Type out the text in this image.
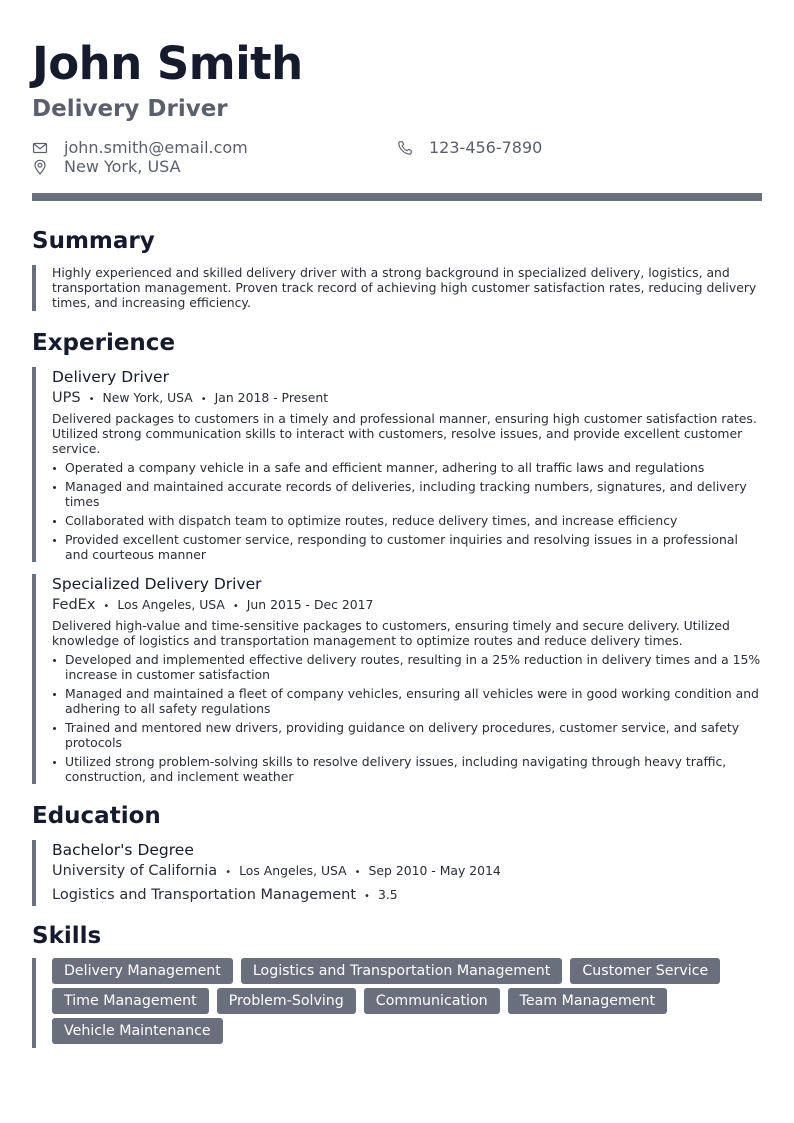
John Smith
Delivery Driver
john.smith@email.com	123-456-7890
New York, USA
Summary

Highly experienced and skilled delivery driver with a strong background in specialized delivery, logistics, and transportation management. Proven track record of achieving high customer satisfaction rates, reducing delivery times, and increasing efficiency.

Experience
Delivery Driver
UPS • New York, USA • Jan 2018 - Present

Delivered packages to customers in a timely and professional manner, ensuring high customer satisfaction rates. Utilized strong communication skills to interact with customers, resolve issues, and provide excellent customer service.

Operated a company vehicle in a safe and efficient manner, adhering to all traffic laws and regulations
Managed and maintained accurate records of deliveries, including tracking numbers, signatures, and delivery times
Collaborated with dispatch team to optimize routes, reduce delivery times, and increase efficiency
Provided excellent customer service, responding to customer inquiries and resolving issues in a professional and courteous manner
Specialized Delivery Driver
FedEx • Los Angeles, USA • Jun 2015 - Dec 2017

Delivered high-value and time-sensitive packages to customers, ensuring timely and secure delivery. Utilized knowledge of logistics and transportation management to optimize routes and reduce delivery times.

Developed and implemented effective delivery routes, resulting in a 25% reduction in delivery times and a 15% increase in customer satisfaction
Managed and maintained a fleet of company vehicles, ensuring all vehicles were in good working condition and adhering to all safety regulations
Trained and mentored new drivers, providing guidance on delivery procedures, customer service, and safety protocols
Utilized strong problem-solving skills to resolve delivery issues, including navigating through heavy traffic, construction, and inclement weather
Education
Bachelor's Degree
University of California • Los Angeles, USA • Sep 2010 - May 2014
Logistics and Transportation Management • 3.5
Skills
Delivery Management	Logistics and Transportation Management	Customer Service
Time Management	Problem-Solving	Communication	Team Management
Vehicle Maintenance
